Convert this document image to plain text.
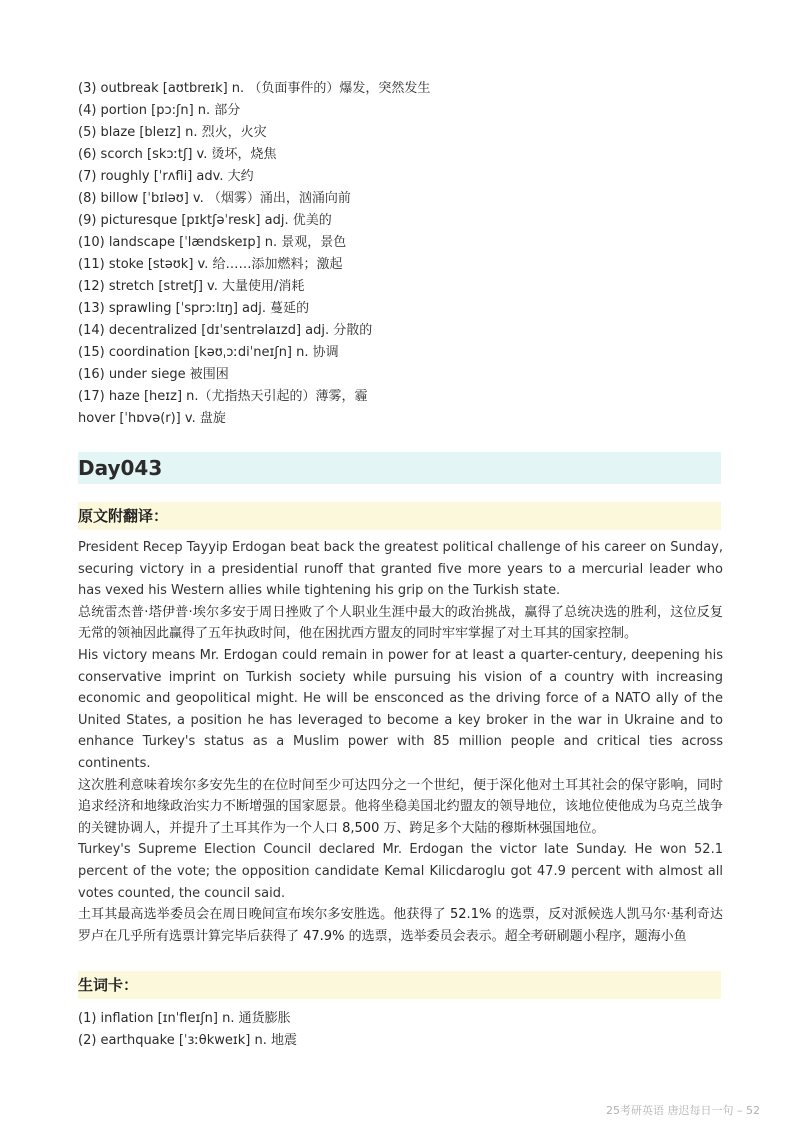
(3) outbreak [aʊtbreɪk] n. （负面事件的）爆发，突然发生
(4) portion [pɔ:ʃn] n. 部分
(5) blaze [bleɪz] n. 烈火，火灾
(6) scorch [skɔːtʃ] v. 烫坏，烧焦
(7) roughly [ˈrʌfli] adv. 大约
(8) billow [ˈbɪləʊ] v. （烟雾）涌出，汹涌向前
(9) picturesque [pɪktʃəˈresk] adj. 优美的
(10) landscape [ˈlændskeɪp] n. 景观，景色
(11) stoke [stəʊk] v. 给……添加燃料；激起
(12) stretch [stretʃ] v. 大量使用/消耗
(13) sprawling [ˈsprɔːlɪŋ] adj. 蔓延的
(14) decentralized [dɪˈsentrəlaɪzd] adj. 分散的
(15) coordination [kəʊˌɔːdiˈneɪʃn] n. 协调
(16) under siege 被围困
(17) haze [heɪz] n.（尤指热天引起的）薄雾，霾
hover [ˈhɒvə(r)] v. 盘旋
Day043
原文附翻译：

President Recep Tayyip Erdogan beat back the greatest political challenge of his career on Sunday, securing victory in a presidential runoff that granted five more years to a mercurial leader who has vexed his Western allies while tightening his grip on the Turkish state.

总统雷杰普·塔伊普·埃尔多安于周日挫败了个人职业生涯中最大的政治挑战，赢得了总统决选的胜利，这位反复无常的领袖因此赢得了五年执政时间，他在困扰西方盟友的同时牢牢掌握了对土耳其的国家控制。

His victory means Mr. Erdogan could remain in power for at least a quarter-century, deepening his conservative imprint on Turkish society while pursuing his vision of a country with increasing economic and geopolitical might. He will be ensconced as the driving force of a NATO ally of the United States, a position he has leveraged to become a key broker in the war in Ukraine and to enhance Turkey's status as a Muslim power with 85 million people and critical ties across continents.

这次胜利意味着埃尔多安先生的在位时间至少可达四分之一个世纪，便于深化他对土耳其社会的保守影响，同时追求经济和地缘政治实力不断增强的国家愿景。他将坐稳美国北约盟友的领导地位，该地位使他成为乌克兰战争的关键协调人，并提升了土耳其作为一个人口 8,500 万、跨足多个大陆的穆斯林强国地位。

Turkey's Supreme Election Council declared Mr. Erdogan the victor late Sunday. He won 52.1 percent of the vote; the opposition candidate Kemal Kilicdaroglu got 47.9 percent with almost all votes counted, the council said.

土耳其最高选举委员会在周日晚间宣布埃尔多安胜选。他获得了 52.1% 的选票，反对派候选人凯马尔·基利奇达罗卢在几乎所有选票计算完毕后获得了 47.9% 的选票，选举委员会表示。超全考研刷题小程序，题海小鱼

生词卡：
(1) inflation [ɪnˈfleɪʃn] n. 通货膨胀
(2) earthquake [ˈɜːθkweɪk] n. 地震
25考研英语 唐迟每日一句 – 52
